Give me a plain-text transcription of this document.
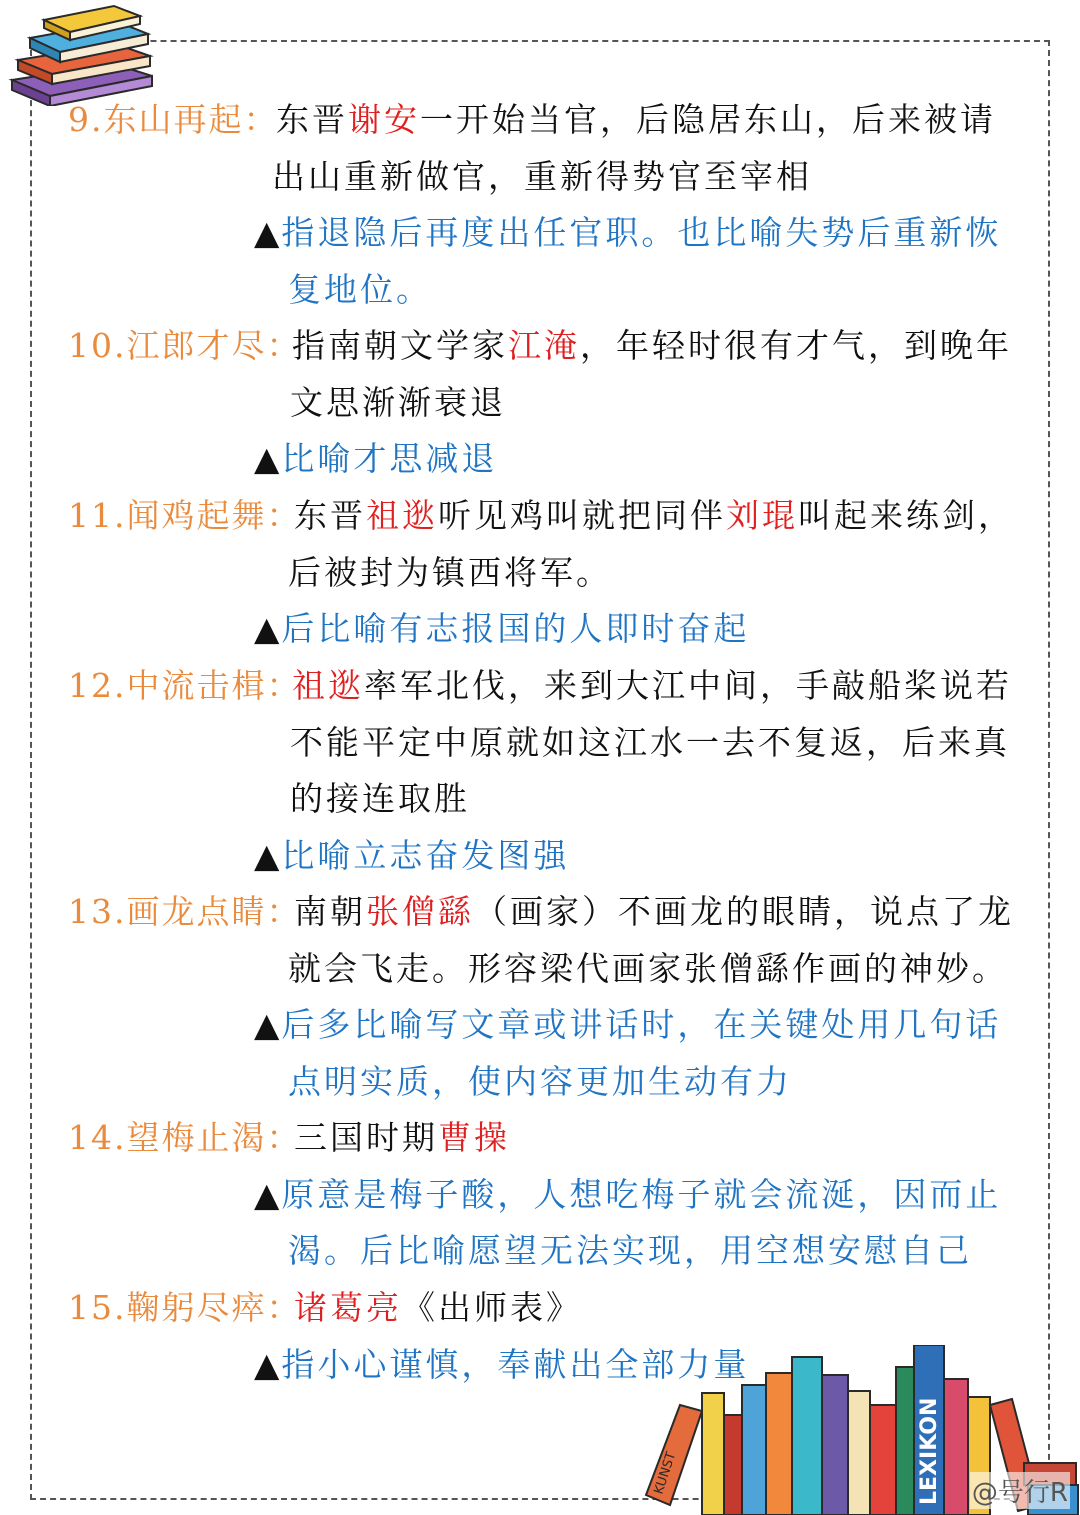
9.东山再起：
东晋谢安一开始当官，后隐居东山，后来被请
出山重新做官，重新得势官至宰相
▲指退隐后再度出任官职。也比喻失势后重新恢
复地位。
10.江郎才尽：
指南朝文学家江淹，年轻时很有才气，到晚年
文思渐渐衰退
▲比喻才思减退
11.闻鸡起舞：
东晋祖逖听见鸡叫就把同伴刘琨叫起来练剑，
后被封为镇西将军。
▲后比喻有志报国的人即时奋起
12.中流击楫：
祖逖率军北伐，来到大江中间，手敲船桨说若
不能平定中原就如这江水一去不复返，后来真
的接连取胜
▲比喻立志奋发图强
13.画龙点睛：
南朝张僧繇（画家）不画龙的眼睛，说点了龙
就会飞走。形容梁代画家张僧繇作画的神妙。
▲后多比喻写文章或讲话时，在关键处用几句话
点明实质，使内容更加生动有力
14.望梅止渴：
三国时期曹操
▲原意是梅子酸，人想吃梅子就会流涎，因而止
渴。后比喻愿望无法实现，用空想安慰自己
15.鞠躬尽瘁：
诸葛亮《出师表》
▲指小心谨慎，奉献出全部力量
KUNST	LEXIKON @号行R
